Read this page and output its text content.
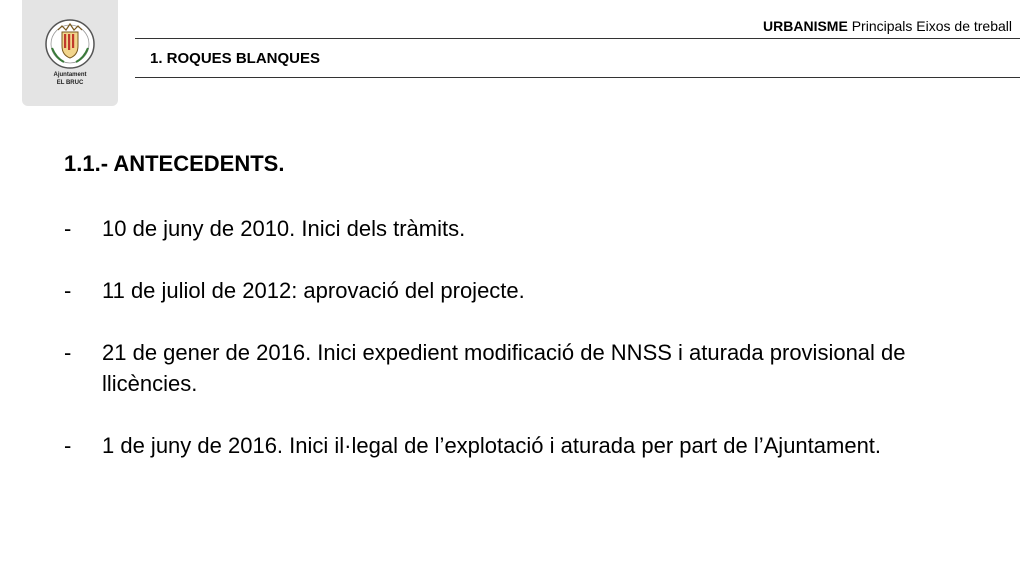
Ajuntament
EL BRUC
URBANISME Principals Eixos de treball
1. ROQUES BLANQUES
1.1.- ANTECEDENTS.
- 10 de juny de 2010. Inici dels tràmits.
- 11 de juliol de 2012: aprovació del projecte.
- 21 de gener de 2016. Inici expedient modificació de NNSS i aturada provisional de llicències.
- 1 de juny de 2016. Inici il·legal de l’explotació i aturada per part de l’Ajuntament.
